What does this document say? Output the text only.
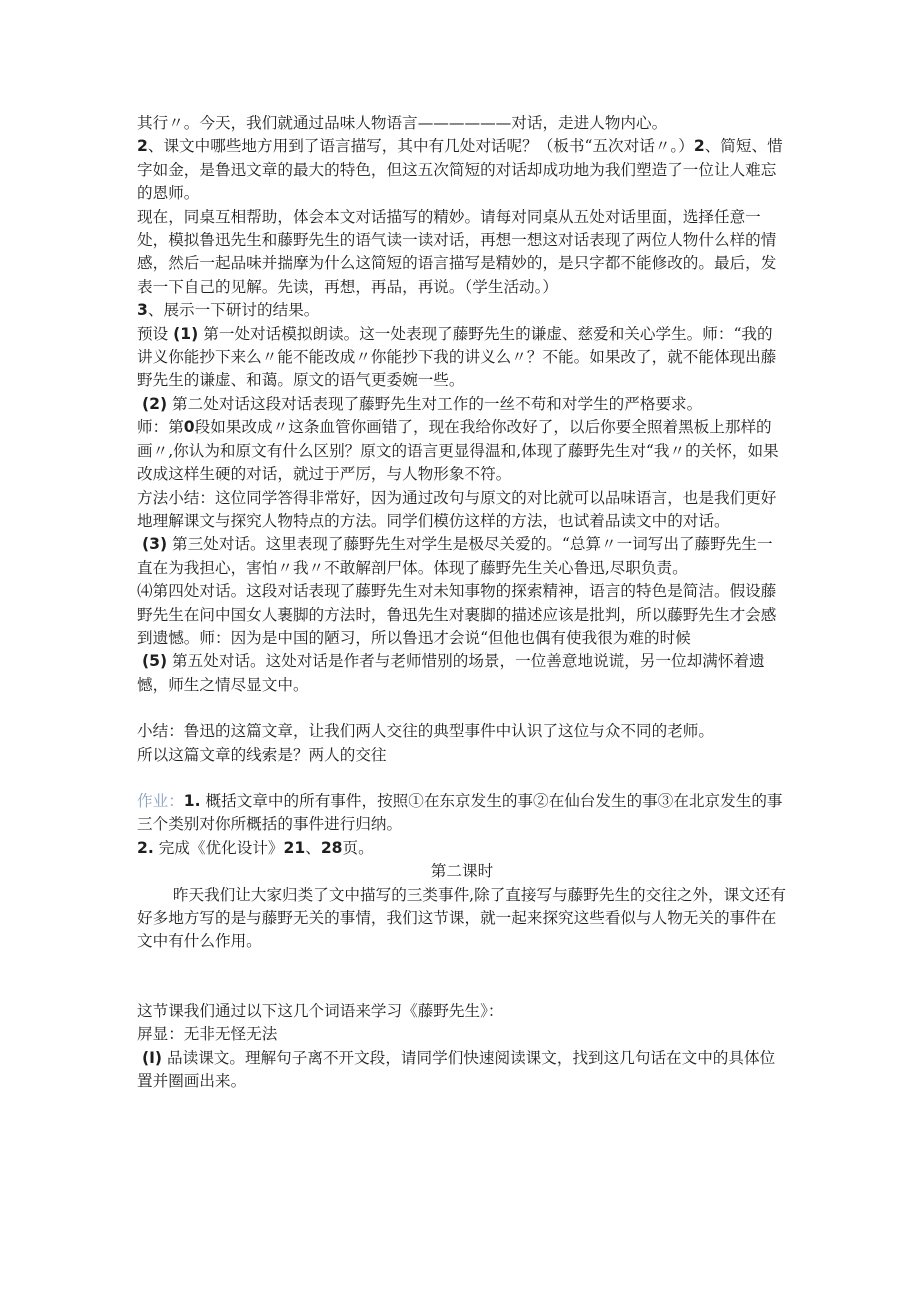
其行〃。今天，我们就通过品味人物语言——————对话，走进人物内心。

2、课文中哪些地方用到了语言描写，其中有几处对话呢？（板书“五次对话〃。）2、简短、惜字如金，是鲁迅文章的最大的特色，但这五次简短的对话却成功地为我们塑造了一位让人难忘的恩师。

现在，同桌互相帮助，体会本文对话描写的精妙。请每对同桌从五处对话里面，选择任意一处，模拟鲁迅先生和藤野先生的语气读一读对话，再想一想这对话表现了两位人物什么样的情感，然后一起品味并揣摩为什么这简短的语言描写是精妙的，是只字都不能修改的。最后，发表一下自己的见解。先读，再想，再品，再说。（学生活动。）

3、展示一下研讨的结果。

预设 (1) 第一处对话模拟朗读。这一处表现了藤野先生的谦虚、慈爱和关心学生。师：“我的讲义你能抄下来么〃能不能改成〃你能抄下我的讲义么〃？不能。如果改了，就不能体现出藤野先生的谦虚、和蔼。原文的语气更委婉一些。

(2) 第二处对话这段对话表现了藤野先生对工作的一丝不苟和对学生的严格要求。

师：第0段如果改成〃这条血管你画错了，现在我给你改好了，以后你要全照着黑板上那样的画〃,你认为和原文有什么区别？原文的语言更显得温和,体现了藤野先生对“我〃的关怀，如果改成这样生硬的对话，就过于严厉，与人物形象不符。

方法小结：这位同学答得非常好，因为通过改句与原文的对比就可以品味语言，也是我们更好地理解课文与探究人物特点的方法。同学们模仿这样的方法，也试着品读文中的对话。

(3) 第三处对话。这里表现了藤野先生对学生是极尽关爱的。“总算〃一词写出了藤野先生一直在为我担心，害怕〃我〃不敢解剖尸体。体现了藤野先生关心鲁迅,尽职负责。

⑷第四处对话。这段对话表现了藤野先生对未知事物的探索精神，语言的特色是简洁。假设藤野先生在问中国女人裹脚的方法时，鲁迅先生对裹脚的描述应该是批判，所以藤野先生才会感到遗憾。师：因为是中国的陋习，所以鲁迅才会说“但他也偶有使我很为难的时候

(5) 第五处对话。这处对话是作者与老师惜别的场景，一位善意地说谎，另一位却满怀着遗憾，师生之情尽显文中。

小结：鲁迅的这篇文章，让我们两人交往的典型事件中认识了这位与众不同的老师。

所以这篇文章的线索是？两人的交往

作业：1. 概括文章中的所有事件，按照①在东京发生的事②在仙台发生的事③在北京发生的事三个类别对你所概括的事件进行归纳。

2. 完成《优化设计》21、28页。

第二课时

昨天我们让大家归类了文中描写的三类事件,除了直接写与藤野先生的交往之外，课文还有好多地方写的是与藤野无关的事情，我们这节课，就一起来探究这些看似与人物无关的事件在文中有什么作用。

这节课我们通过以下这几个词语来学习《藤野先生》：

屏显：无非无怪无法

(I) 品读课文。理解句子离不开文段，请同学们快速阅读课文，找到这几句话在文中的具体位置并圈画出来。
